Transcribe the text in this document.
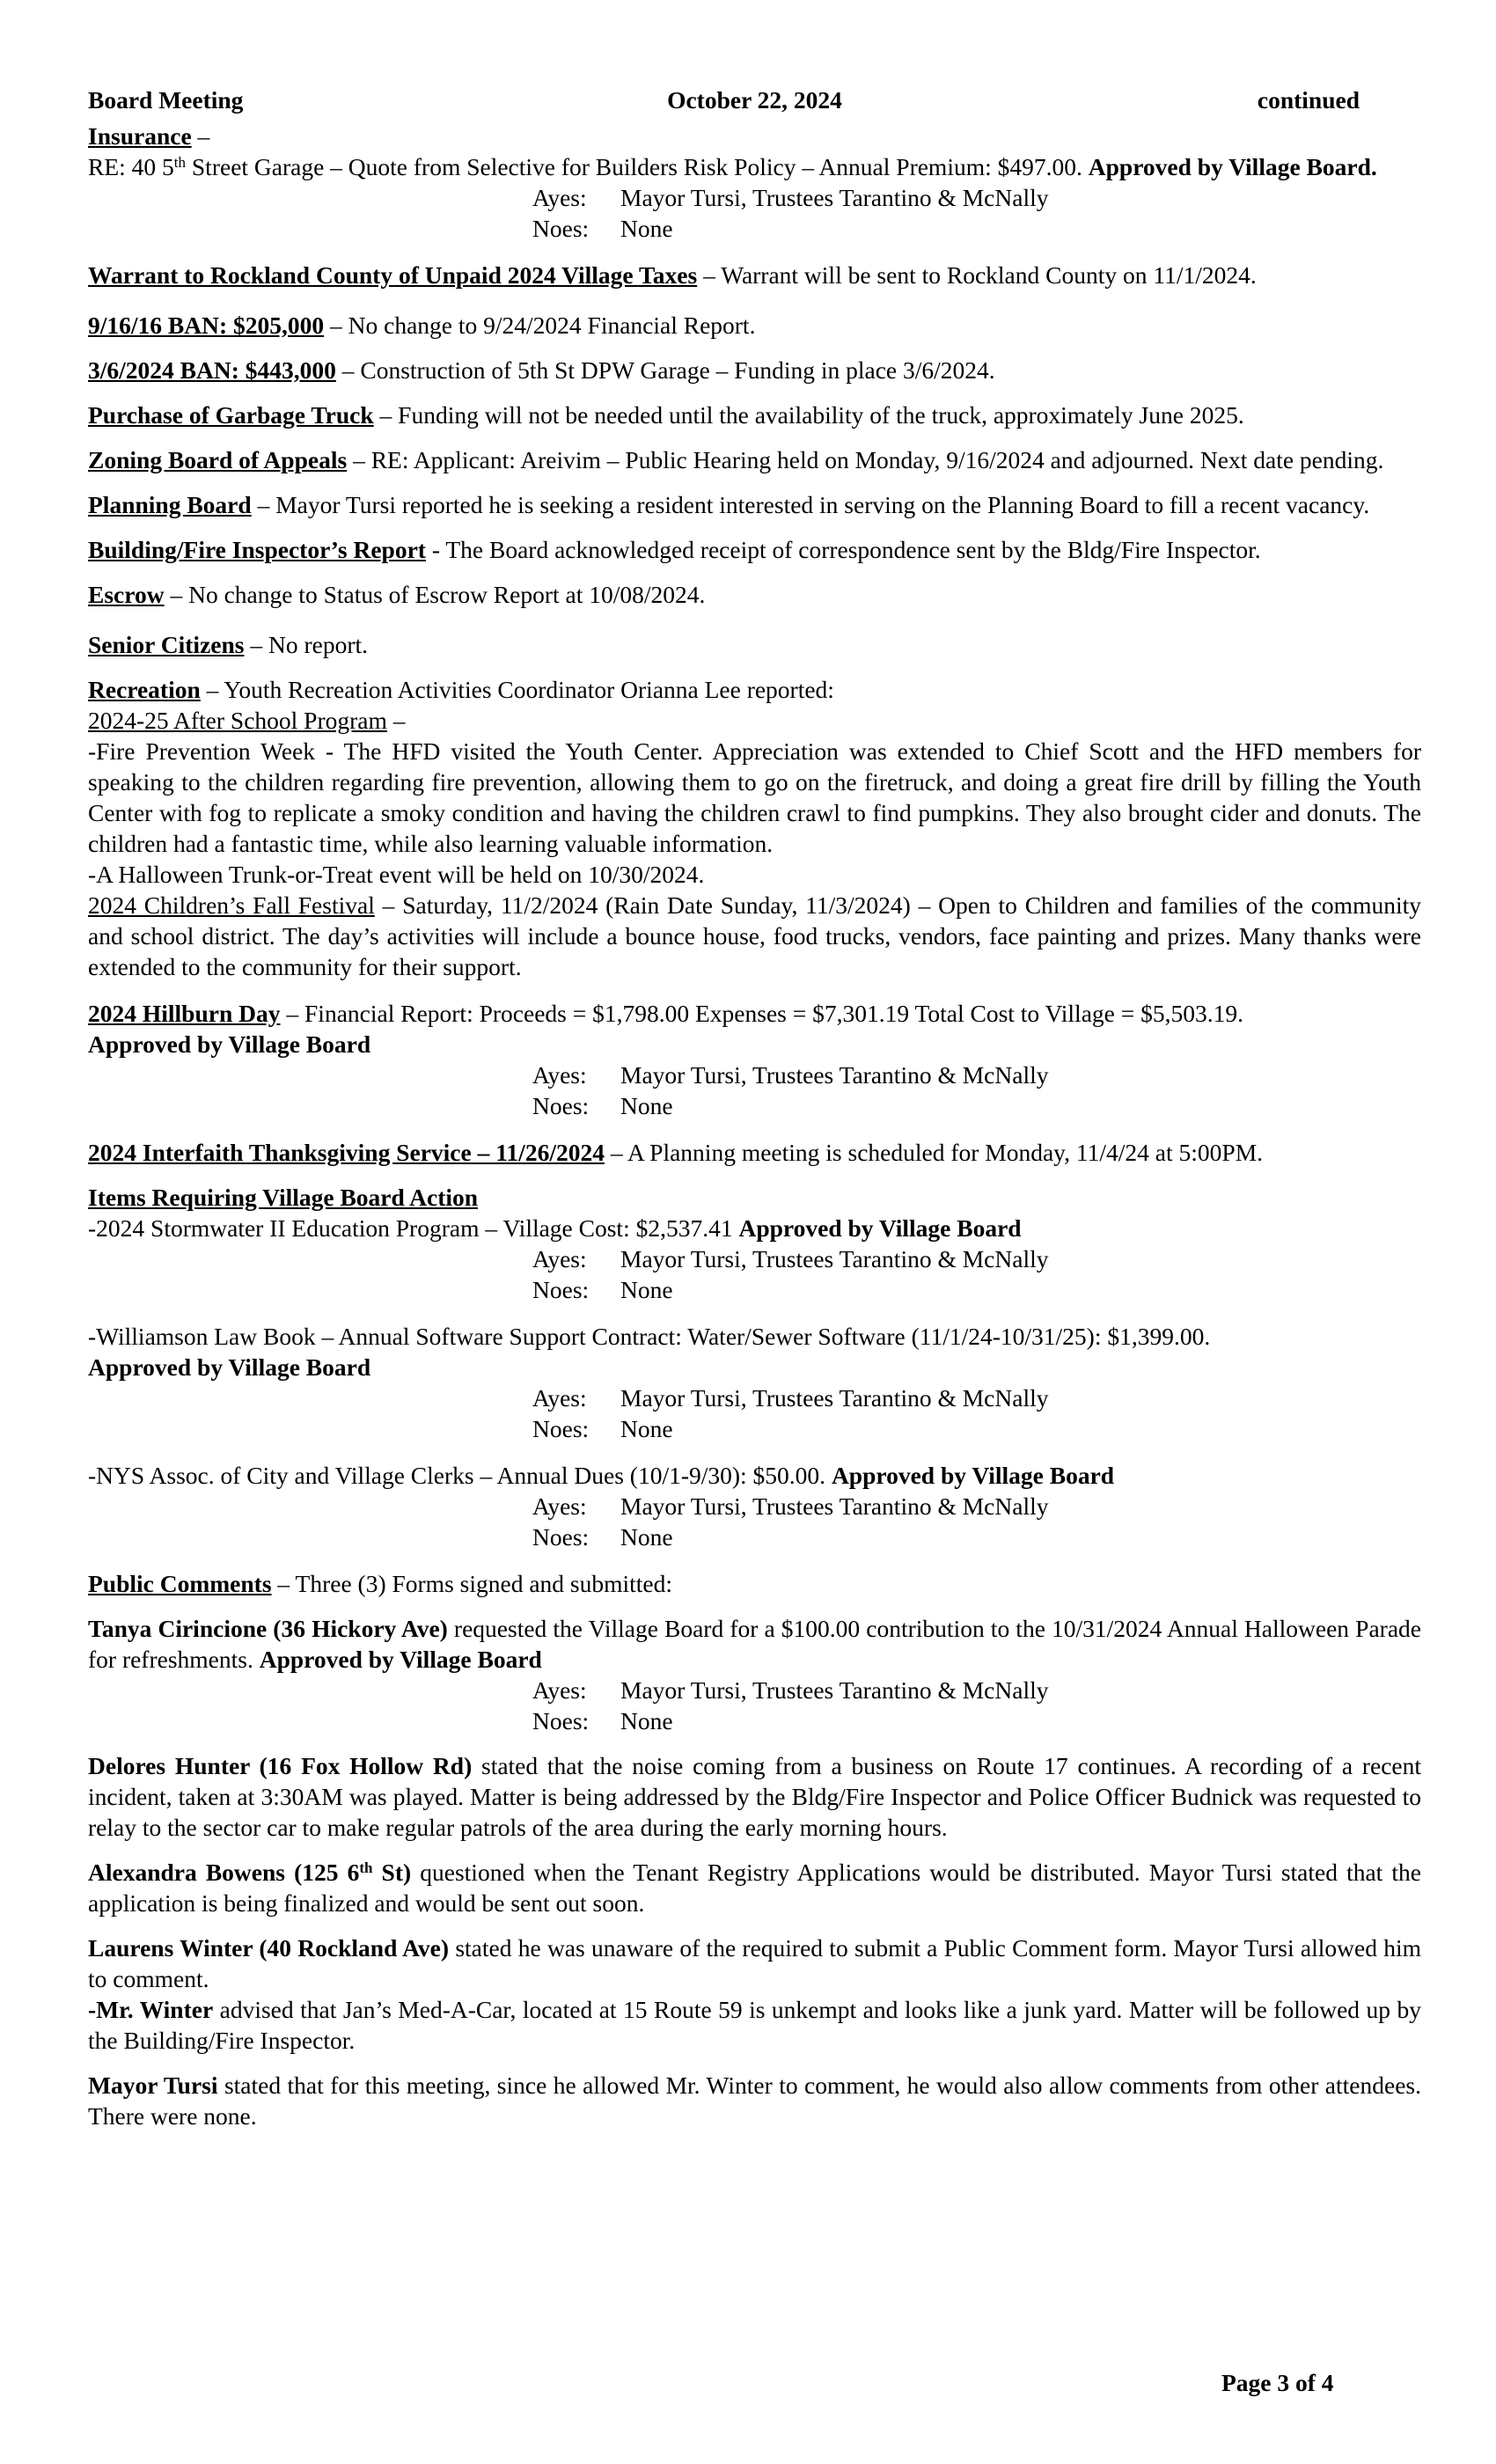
Board Meeting	October 22, 2024	continued

Insurance –

RE: 40 5th Street Garage – Quote from Selective for Builders Risk Policy – Annual Premium: $497.00. Approved by Village Board.

Ayes:	Mayor Tursi, Trustees Tarantino & McNally
Noes:	None

Warrant to Rockland County of Unpaid 2024 Village Taxes – Warrant will be sent to Rockland County on 11/1/2024.

9/16/16 BAN: $205,000 – No change to 9/24/2024 Financial Report.

3/6/2024 BAN: $443,000 – Construction of 5th St DPW Garage – Funding in place 3/6/2024.

Purchase of Garbage Truck – Funding will not be needed until the availability of the truck, approximately June 2025.

Zoning Board of Appeals – RE: Applicant: Areivim – Public Hearing held on Monday, 9/16/2024 and adjourned. Next date pending.

Planning Board – Mayor Tursi reported he is seeking a resident interested in serving on the Planning Board to fill a recent vacancy.

Building/Fire Inspector’s Report - The Board acknowledged receipt of correspondence sent by the Bldg/Fire Inspector.

Escrow – No change to Status of Escrow Report at 10/08/2024.

Senior Citizens – No report.

Recreation – Youth Recreation Activities Coordinator Orianna Lee reported:

2024-25 After School Program –

-Fire Prevention Week - The HFD visited the Youth Center. Appreciation was extended to Chief Scott and the HFD members for speaking to the children regarding fire prevention, allowing them to go on the firetruck, and doing a great fire drill by filling the Youth Center with fog to replicate a smoky condition and having the children crawl to find pumpkins. They also brought cider and donuts. The children had a fantastic time, while also learning valuable information.

-A Halloween Trunk-or-Treat event will be held on 10/30/2024.

2024 Children’s Fall Festival – Saturday, 11/2/2024 (Rain Date Sunday, 11/3/2024) – Open to Children and families of the community and school district. The day’s activities will include a bounce house, food trucks, vendors, face painting and prizes. Many thanks were extended to the community for their support.

2024 Hillburn Day – Financial Report: Proceeds = $1,798.00 Expenses = $7,301.19 Total Cost to Village = $5,503.19.

Approved by Village Board

Ayes:	Mayor Tursi, Trustees Tarantino & McNally
Noes:	None

2024 Interfaith Thanksgiving Service – 11/26/2024 – A Planning meeting is scheduled for Monday, 11/4/24 at 5:00PM.

Items Requiring Village Board Action

-2024 Stormwater II Education Program – Village Cost: $2,537.41 Approved by Village Board

Ayes:	Mayor Tursi, Trustees Tarantino & McNally
Noes:	None

-Williamson Law Book – Annual Software Support Contract: Water/Sewer Software (11/1/24-10/31/25): $1,399.00.

Approved by Village Board

Ayes:	Mayor Tursi, Trustees Tarantino & McNally
Noes:	None

-NYS Assoc. of City and Village Clerks – Annual Dues (10/1-9/30): $50.00. Approved by Village Board

Ayes:	Mayor Tursi, Trustees Tarantino & McNally
Noes:	None

Public Comments – Three (3) Forms signed and submitted:

Tanya Cirincione (36 Hickory Ave) requested the Village Board for a $100.00 contribution to the 10/31/2024 Annual Halloween Parade for refreshments. Approved by Village Board

Ayes:	Mayor Tursi, Trustees Tarantino & McNally
Noes:	None

Delores Hunter (16 Fox Hollow Rd) stated that the noise coming from a business on Route 17 continues. A recording of a recent incident, taken at 3:30AM was played. Matter is being addressed by the Bldg/Fire Inspector and Police Officer Budnick was requested to relay to the sector car to make regular patrols of the area during the early morning hours.

Alexandra Bowens (125 6th St) questioned when the Tenant Registry Applications would be distributed. Mayor Tursi stated that the application is being finalized and would be sent out soon.

Laurens Winter (40 Rockland Ave) stated he was unaware of the required to submit a Public Comment form. Mayor Tursi allowed him to comment.

-Mr. Winter advised that Jan’s Med-A-Car, located at 15 Route 59 is unkempt and looks like a junk yard. Matter will be followed up by the Building/Fire Inspector.

Mayor Tursi stated that for this meeting, since he allowed Mr. Winter to comment, he would also allow comments from other attendees. There were none.

Page 3 of 4
